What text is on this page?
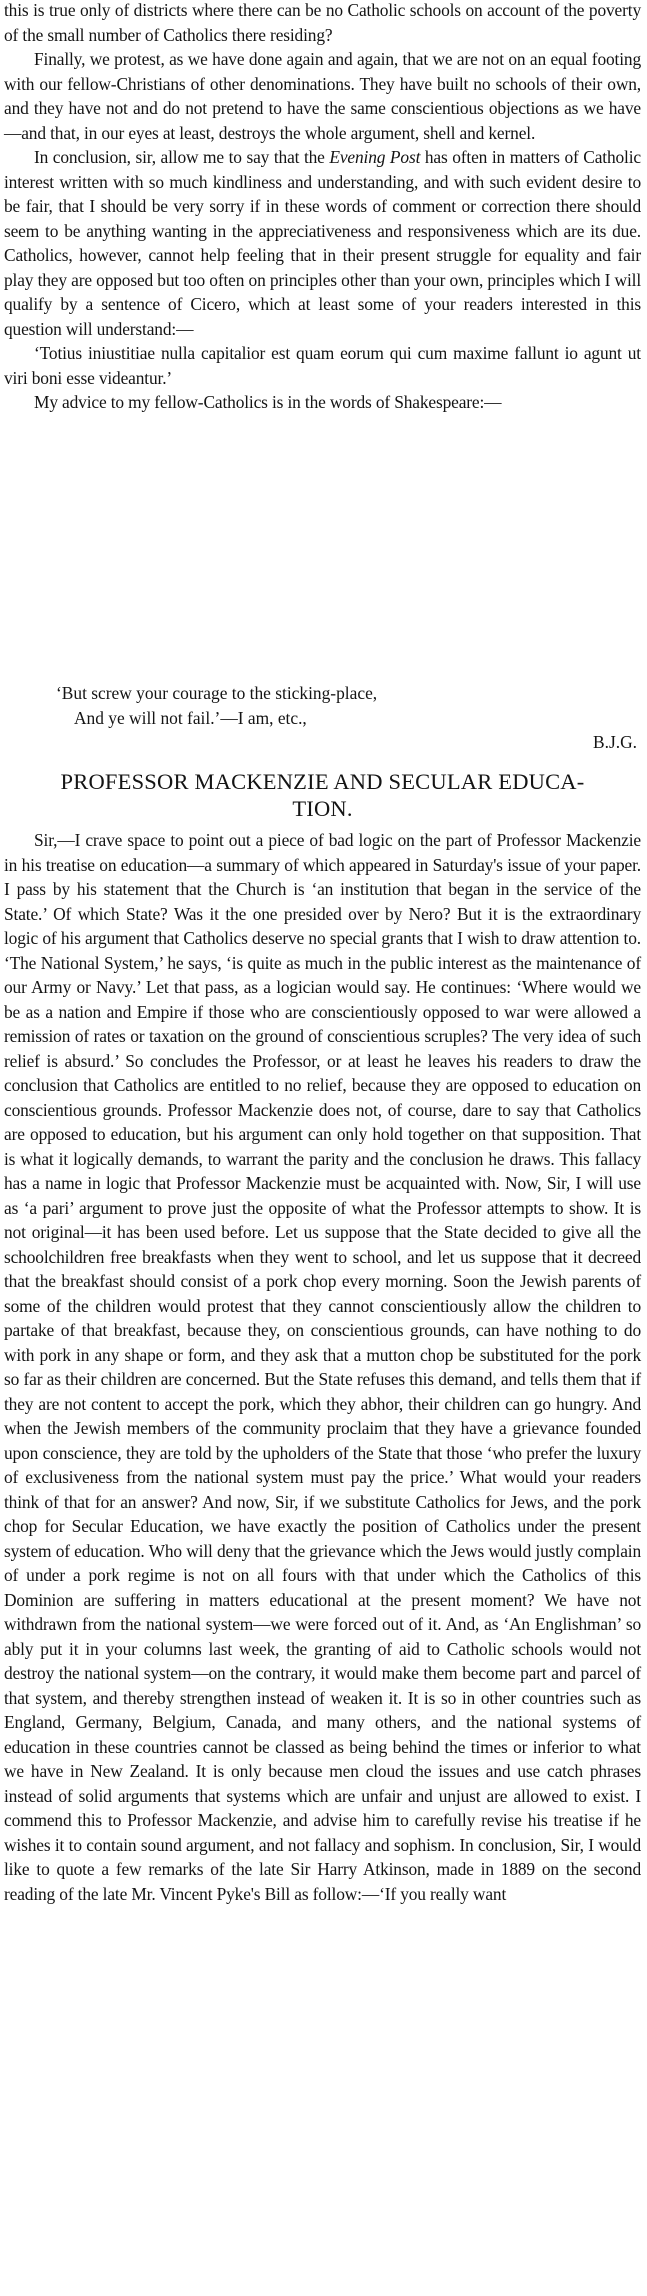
this is true only of districts where there can be no Catholic schools on account of the poverty of the small number of Catholics there residing?

Finally, we protest, as we have done again and again, that we are not on an equal footing with our fellow-Christians of other denominations. They have built no schools of their own, and they have not and do not pretend to have the same conscientious objections as we have—and that, in our eyes at least, destroys the whole argument, shell and kernel.

In conclusion, sir, allow me to say that the Evening Post has often in matters of Catholic interest written with so much kindliness and understanding, and with such evident desire to be fair, that I should be very sorry if in these words of comment or correction there should seem to be anything wanting in the appreciativeness and responsiveness which are its due. Catholics, however, cannot help feeling that in their present struggle for equality and fair play they are opposed but too often on principles other than your own, principles which I will qualify by a sentence of Cicero, which at least some of your readers interested in this question will understand:—

‘Totius iniustitiae nulla capitalior est quam eorum qui cum maxime fallunt io agunt ut viri boni esse videantur.’

My advice to my fellow-Catholics is in the words of Shakespeare:—

‘But screw your courage to the sticking-place,

And ye will not fail.’—I am, etc.,

B.J.G.

PROFESSOR MACKENZIE AND SECULAR EDUCA-

TION.

Sir,—I crave space to point out a piece of bad logic on the part of Professor Mackenzie in his treatise on education—a summary of which appeared in Saturday's issue of your paper. I pass by his statement that the Church is ‘an institution that began in the service of the State.’ Of which State? Was it the one presided over by Nero? But it is the extraordinary logic of his argument that Catholics deserve no special grants that I wish to draw attention to. ‘The National System,’ he says, ‘is quite as much in the public interest as the maintenance of our Army or Navy.’ Let that pass, as a logician would say. He continues: ‘Where would we be as a nation and Empire if those who are conscientiously opposed to war were allowed a remission of rates or taxation on the ground of conscientious scruples? The very idea of such relief is absurd.’ So concludes the Professor, or at least he leaves his readers to draw the conclusion that Catholics are entitled to no relief, because they are opposed to education on conscientious grounds. Professor Mackenzie does not, of course, dare to say that Catholics are opposed to education, but his argument can only hold together on that supposition. That is what it logically demands, to warrant the parity and the conclusion he draws. This fallacy has a name in logic that Professor Mackenzie must be acquainted with. Now, Sir, I will use as ‘a pari’ argument to prove just the opposite of what the Professor attempts to show. It is not original—it has been used before. Let us suppose that the State decided to give all the schoolchildren free breakfasts when they went to school, and let us suppose that it decreed that the breakfast should consist of a pork chop every morning. Soon the Jewish parents of some of the children would protest that they cannot conscientiously allow the children to partake of that breakfast, because they, on conscientious grounds, can have nothing to do with pork in any shape or form, and they ask that a mutton chop be substituted for the pork so far as their children are concerned. But the State refuses this demand, and tells them that if they are not content to accept the pork, which they abhor, their children can go hungry. And when the Jewish members of the community proclaim that they have a grievance founded upon conscience, they are told by the upholders of the State that those ‘who prefer the luxury of exclusiveness from the national system must pay the price.’ What would your readers think of that for an answer? And now, Sir, if we substitute Catholics for Jews, and the pork chop for Secular Education, we have exactly the position of Catholics under the present system of education. Who will deny that the grievance which the Jews would justly complain of under a pork regime is not on all fours with that under which the Catholics of this Dominion are suffering in matters educational at the present moment? We have not withdrawn from the national system—we were forced out of it. And, as ‘An Englishman’ so ably put it in your columns last week, the granting of aid to Catholic schools would not destroy the national system—on the contrary, it would make them become part and parcel of that system, and thereby strengthen instead of weaken it. It is so in other countries such as England, Germany, Belgium, Canada, and many others, and the national systems of education in these countries cannot be classed as being behind the times or inferior to what we have in New Zealand. It is only because men cloud the issues and use catch phrases instead of solid arguments that systems which are unfair and unjust are allowed to exist. I commend this to Professor Mackenzie, and advise him to carefully revise his treatise if he wishes it to contain sound argument, and not fallacy and sophism. In conclusion, Sir, I would like to quote a few remarks of the late Sir Harry Atkinson, made in 1889 on the second reading of the late Mr. Vincent Pyke's Bill as follow:—‘If you really want
